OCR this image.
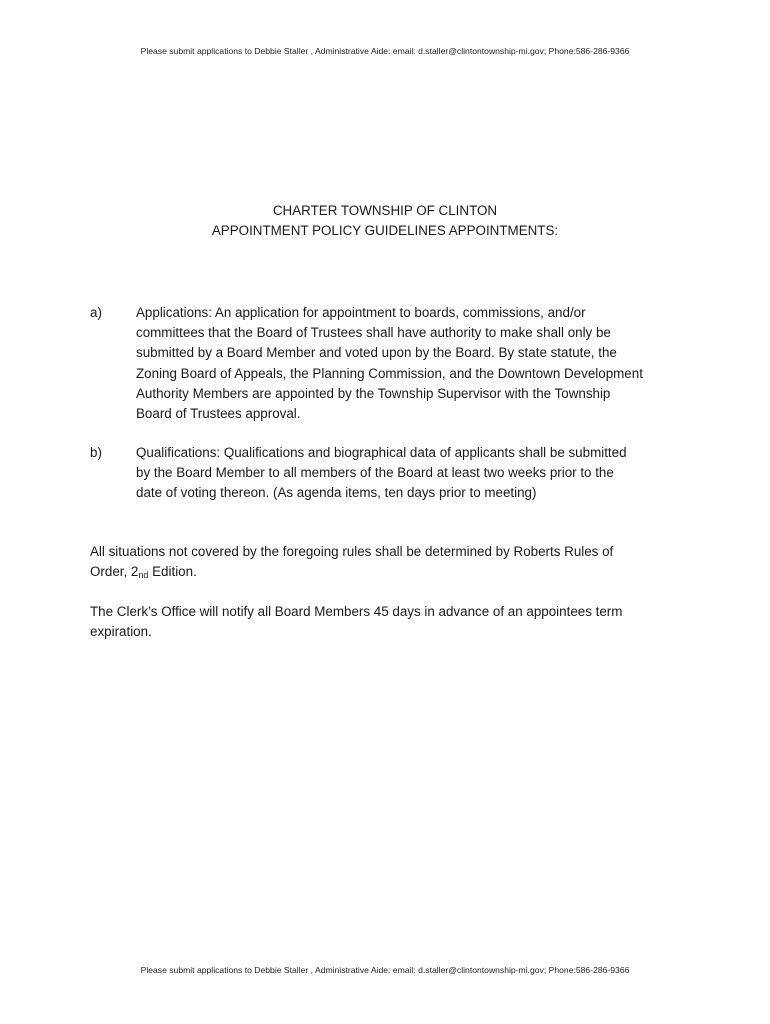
Please submit applications to Debbie Staller , Administrative Aide: email: d.staller@clintontownship-mi.gov; Phone:586-286-9366
CHARTER TOWNSHIP OF CLINTON
APPOINTMENT POLICY GUIDELINES APPOINTMENTS:
a)	Applications: An application for appointment to boards, commissions, and/or
committees that the Board of Trustees shall have authority to make shall only be
submitted by a Board Member and voted upon by the Board. By state statute, the
Zoning Board of Appeals, the Planning Commission, and the Downtown Development
Authority Members are appointed by the Township Supervisor with the Township
Board of Trustees approval.
b)	Qualifications: Qualifications and biographical data of applicants shall be submitted
by the Board Member to all members of the Board at least two weeks prior to the
date of voting thereon. (As agenda items, ten days prior to meeting)
All situations not covered by the foregoing rules shall be determined by Roberts Rules of
Order, $2_{nd}$ Edition.
The Clerk’s Office will notify all Board Members 45 days in advance of an appointees term
expiration.
Please submit applications to Debbie Staller , Administrative Aide: email: d.staller@clintontownship-mi.gov; Phone:586-286-9366
